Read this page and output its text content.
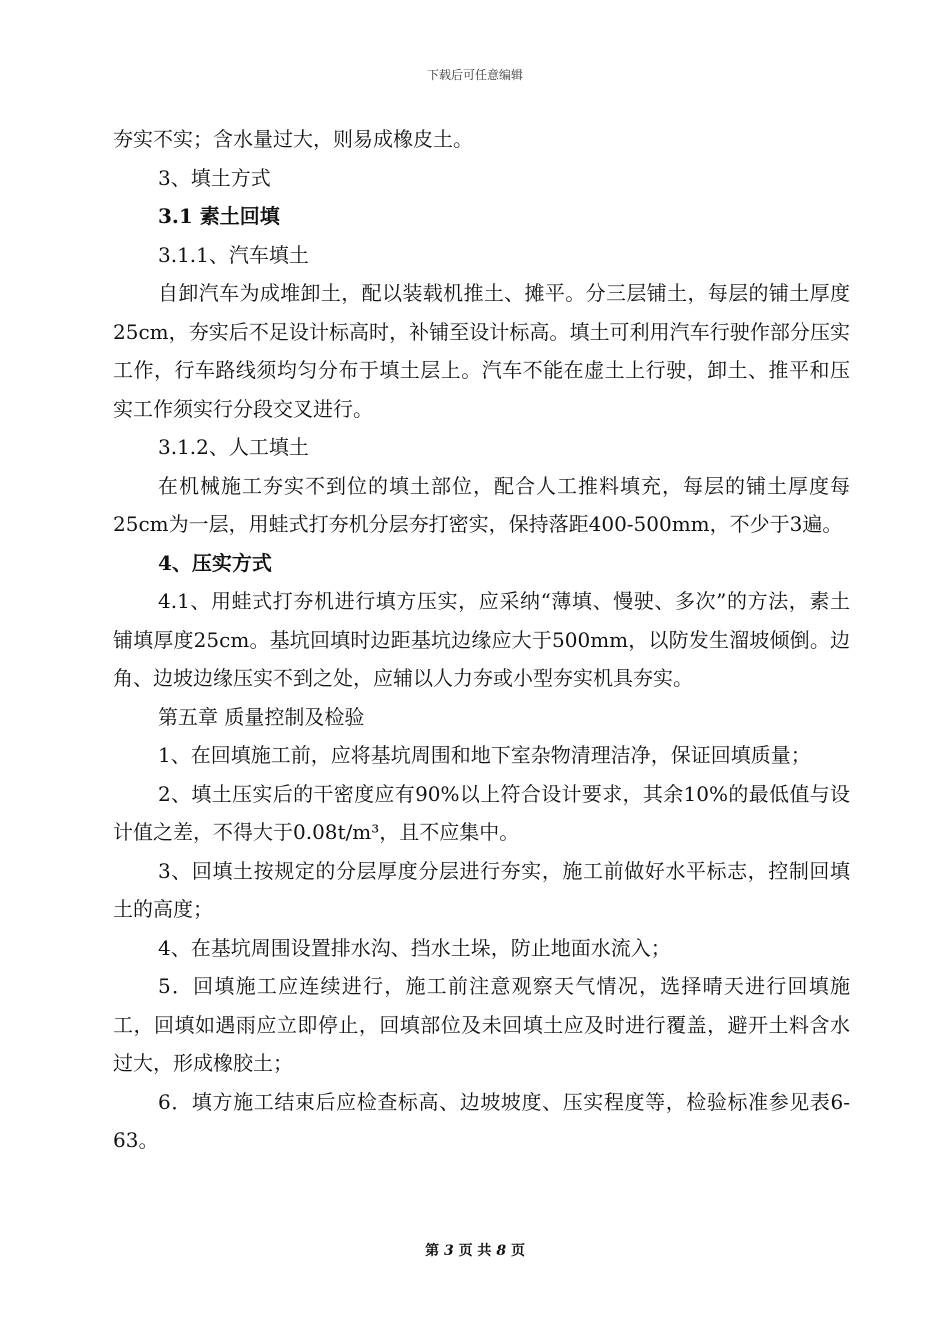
下载后可任意编辑

夯实不实；含水量过大，则易成橡皮土。

3、填土方式

3.1 素土回填

3.1.1、汽车填土

自卸汽车为成堆卸土，配以装载机推土、摊平。分三层铺土，每层的铺土厚度25cm，夯实后不足设计标高时，补铺至设计标高。填土可利用汽车行驶作部分压实工作，行车路线须均匀分布于填土层上。汽车不能在虚土上行驶，卸土、推平和压实工作须实行分段交叉进行。

3.1.2、人工填土

在机械施工夯实不到位的填土部位，配合人工推料填充，每层的铺土厚度每25cm为一层，用蛙式打夯机分层夯打密实，保持落距400-500mm，不少于3遍。

4、压实方式

4.1、用蛙式打夯机进行填方压实，应采纳“薄填、慢驶、多次”的方法，素土铺填厚度25cm。基坑回填时边距基坑边缘应大于500mm，以防发生溜坡倾倒。边角、边坡边缘压实不到之处，应辅以人力夯或小型夯实机具夯实。

第五章 质量控制及检验

1、在回填施工前，应将基坑周围和地下室杂物清理洁净，保证回填质量；

2、填土压实后的干密度应有90%以上符合设计要求，其余10%的最低值与设计值之差，不得大于0.08t/m³，且不应集中。

3、回填土按规定的分层厚度分层进行夯实，施工前做好水平标志，控制回填土的高度；

4、在基坑周围设置排水沟、挡水土垛，防止地面水流入；

5．回填施工应连续进行，施工前注意观察天气情况，选择晴天进行回填施工，回填如遇雨应立即停止，回填部位及未回填土应及时进行覆盖，避开土料含水过大，形成橡胶土；

6．填方施工结束后应检查标高、边坡坡度、压实程度等，检验标准参见表6-63。

第 3 页 共 8 页
